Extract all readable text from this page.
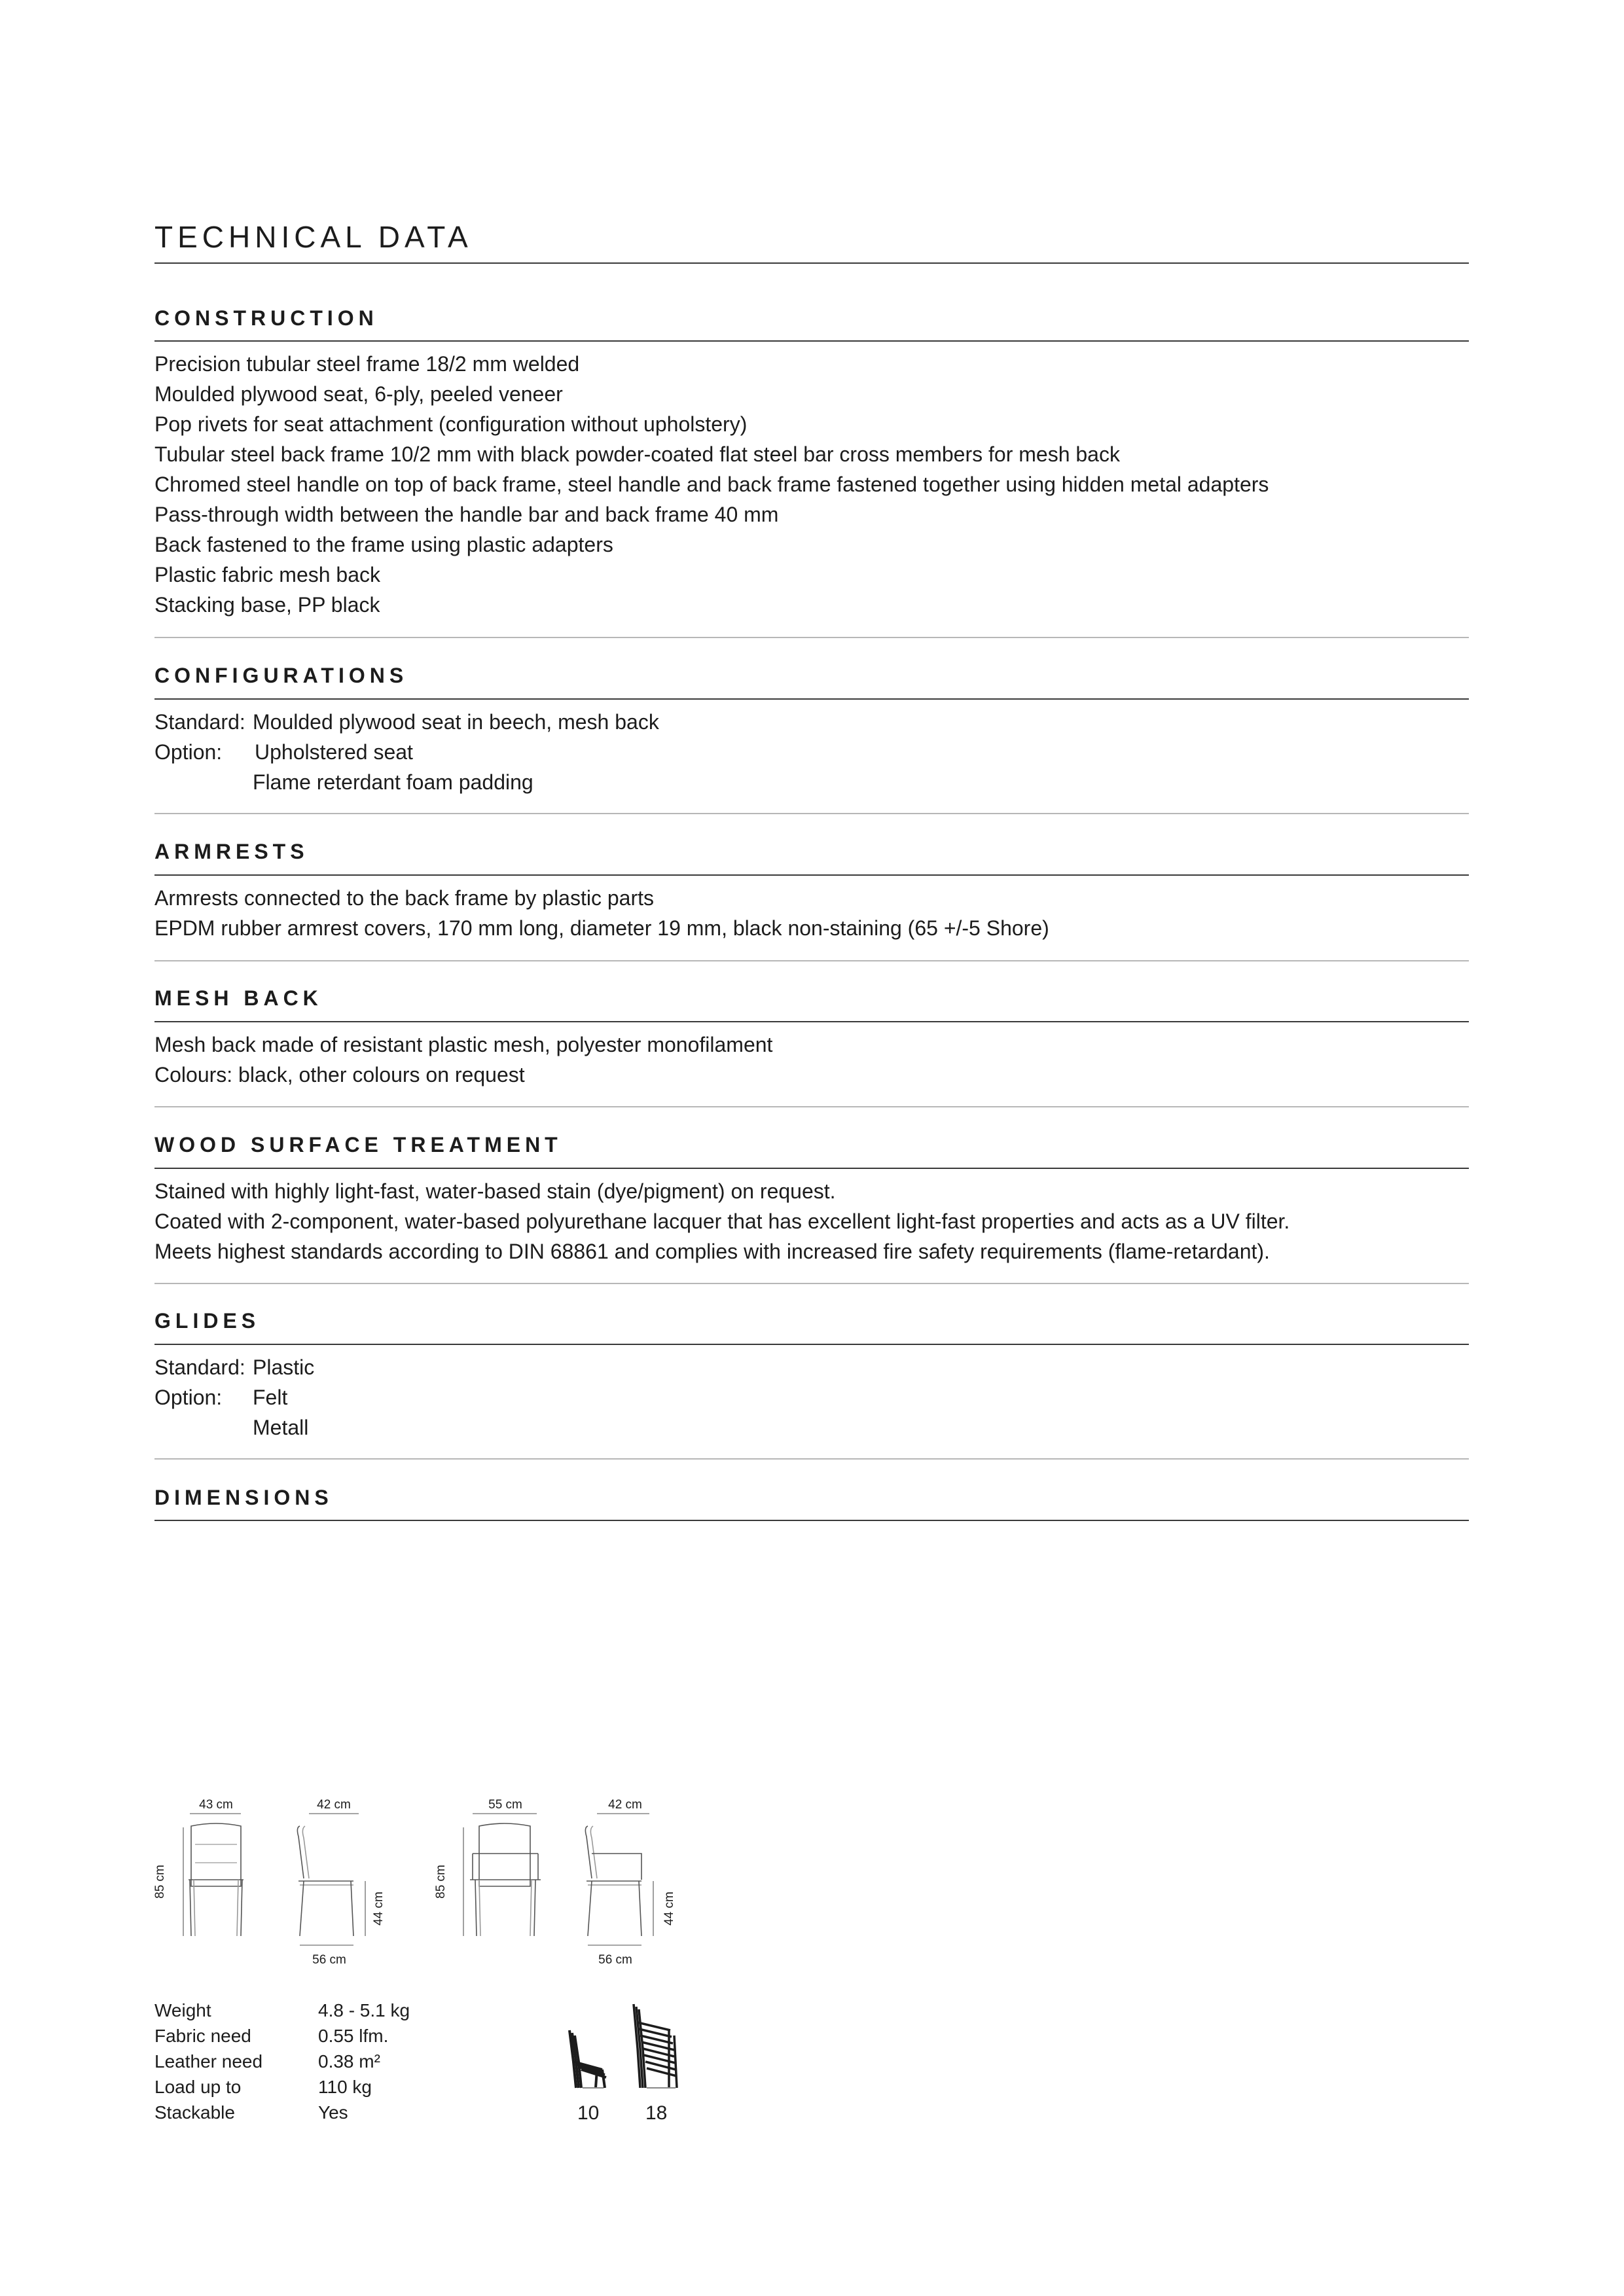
TECHNICAL DATA
CONSTRUCTION
Precision tubular steel frame 18/2 mm welded
Moulded plywood seat, 6-ply, peeled veneer
Pop rivets for seat attachment (configuration without upholstery)
Tubular steel back frame 10/2 mm with black powder-coated flat steel bar cross members for mesh back
Chromed steel handle on top of back frame, steel handle and back frame fastened together using hidden metal adapters
Pass-through width between the handle bar and back frame 40 mm
Back fastened to the frame using plastic adapters
Plastic fabric mesh back
Stacking base, PP black
CONFIGURATIONS
Standard: Moulded plywood seat in beech, mesh back
Option:	Upholstered seat
Flame reterdant foam padding
ARMRESTS
Armrests connected to the back frame by plastic parts
EPDM rubber armrest covers, 170 mm long, diameter 19 mm, black non-staining (65 +/-5 Shore)
MESH BACK
Mesh back made of resistant plastic mesh, polyester monofilament
Colours: black, other colours on request
WOOD SURFACE TREATMENT
Stained with highly light-fast, water-based stain (dye/pigment) on request.
Coated with 2-component, water-based polyurethane lacquer that has excellent light-fast properties and acts as a UV filter.
Meets highest standards according to DIN 68861 and complies with increased fire safety requirements (flame-retardant).
GLIDES
Standard: Plastic
Option:	Felt
Metall
DIMENSIONS
43 cm
85 cm
42 cm
44 cm
56 cm
55 cm
85 cm
42 cm
44 cm
56 cm
Weight	4.8 - 5.1 kg
Fabric need	0.55 lfm.
Leather need	0.38 m²
Load up to	110 kg
Stackable	Yes	10 18
